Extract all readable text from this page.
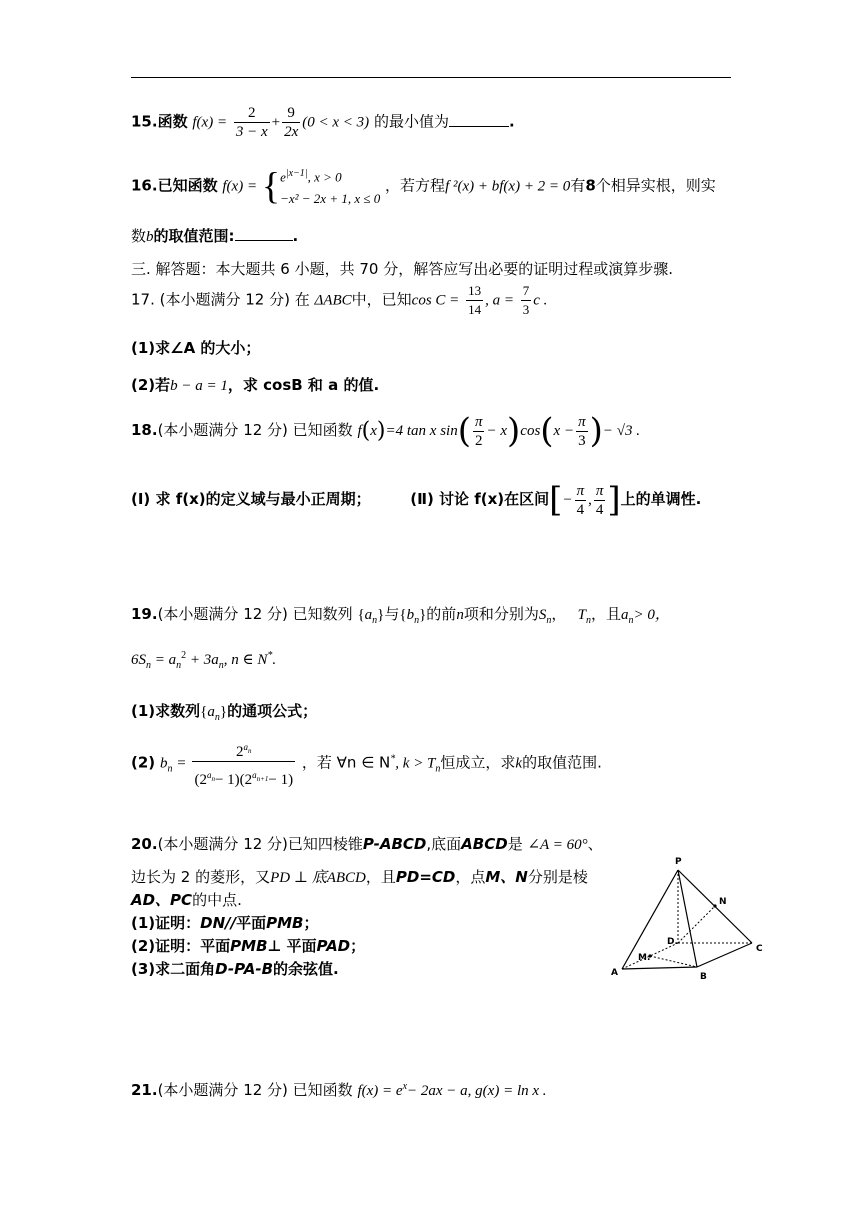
15.函数 $f(x) = \frac{2}{3 - x} + \frac{9}{2x} (0 < x < 3)$ 的最小值为	.
16.已知函数 f(x) = { $e^{|x-1|}$, x > 0
−x² − 2x + 1, x ≤ 0
，若方程f ²(x) + bf(x) + 2 = 0有8个相异实根，则实
数b的取值范围:	.
三. 解答题：本大题共 6 小题，共 70 分，解答应写出必要的证明过程或演算步骤.
17. (本小题满分 12 分) 在 ΔABC中，已知$\cos C = \frac{13}{14}$ , $a = \frac{7}{3}$ c .
(1)求∠A 的大小；
(2)若b − a = 1，求 cosB 和 a 的值.
18.(本小题满分 12 分) 已知函数 f(x)=4 tan x $\sin( \frac{\pi}{2} - x)\cos(x - \frac{\pi}{3}$ )− √3 .
(Ⅰ) 求 f(x)的定义域与最小正周期；	(Ⅱ) 讨论 f(x)在区间[− $\frac{\pi}{4}$ , $\frac{\pi}{4}$ ]上的单调性.
19.(本小题满分 12 分) 已知数列 $\{a_n\}$与$\{b_n\}$的前n项和分别为$S_n$，   $T_n$，且$a_n> 0$，
$6S_n = a_n^2 + 3a_n$, n ∈ N*.
(1)求数列$\{a_n\}$的通项公式；
(2) $b_n = \frac{2^{a_n}}{(2^{a_n}- 1)(2^{a_{n+1}}- 1)}$ ，若 ∀n ∈ N*, $k > T_n$恒成立，求k的取值范围.
20.(本小题满分 12 分)已知四棱锥P-ABCD,底面ABCD是 ∠A = 60°、
边长为 2 的菱形，又PD ⊥ 底ABCD，且PD=CD，点M、N分别是棱
AD、PC的中点.
(1)证明：DN//平面PMB；
(2)证明：平面PMB⊥ 平面PAD；
(3)求二面角D-PA-B的余弦值.
P
N
D.
C
M.
A	B
21.(本小题满分 12 分) 已知函数 $f(x) = e^x- 2ax - a$, g(x) = ln x .
